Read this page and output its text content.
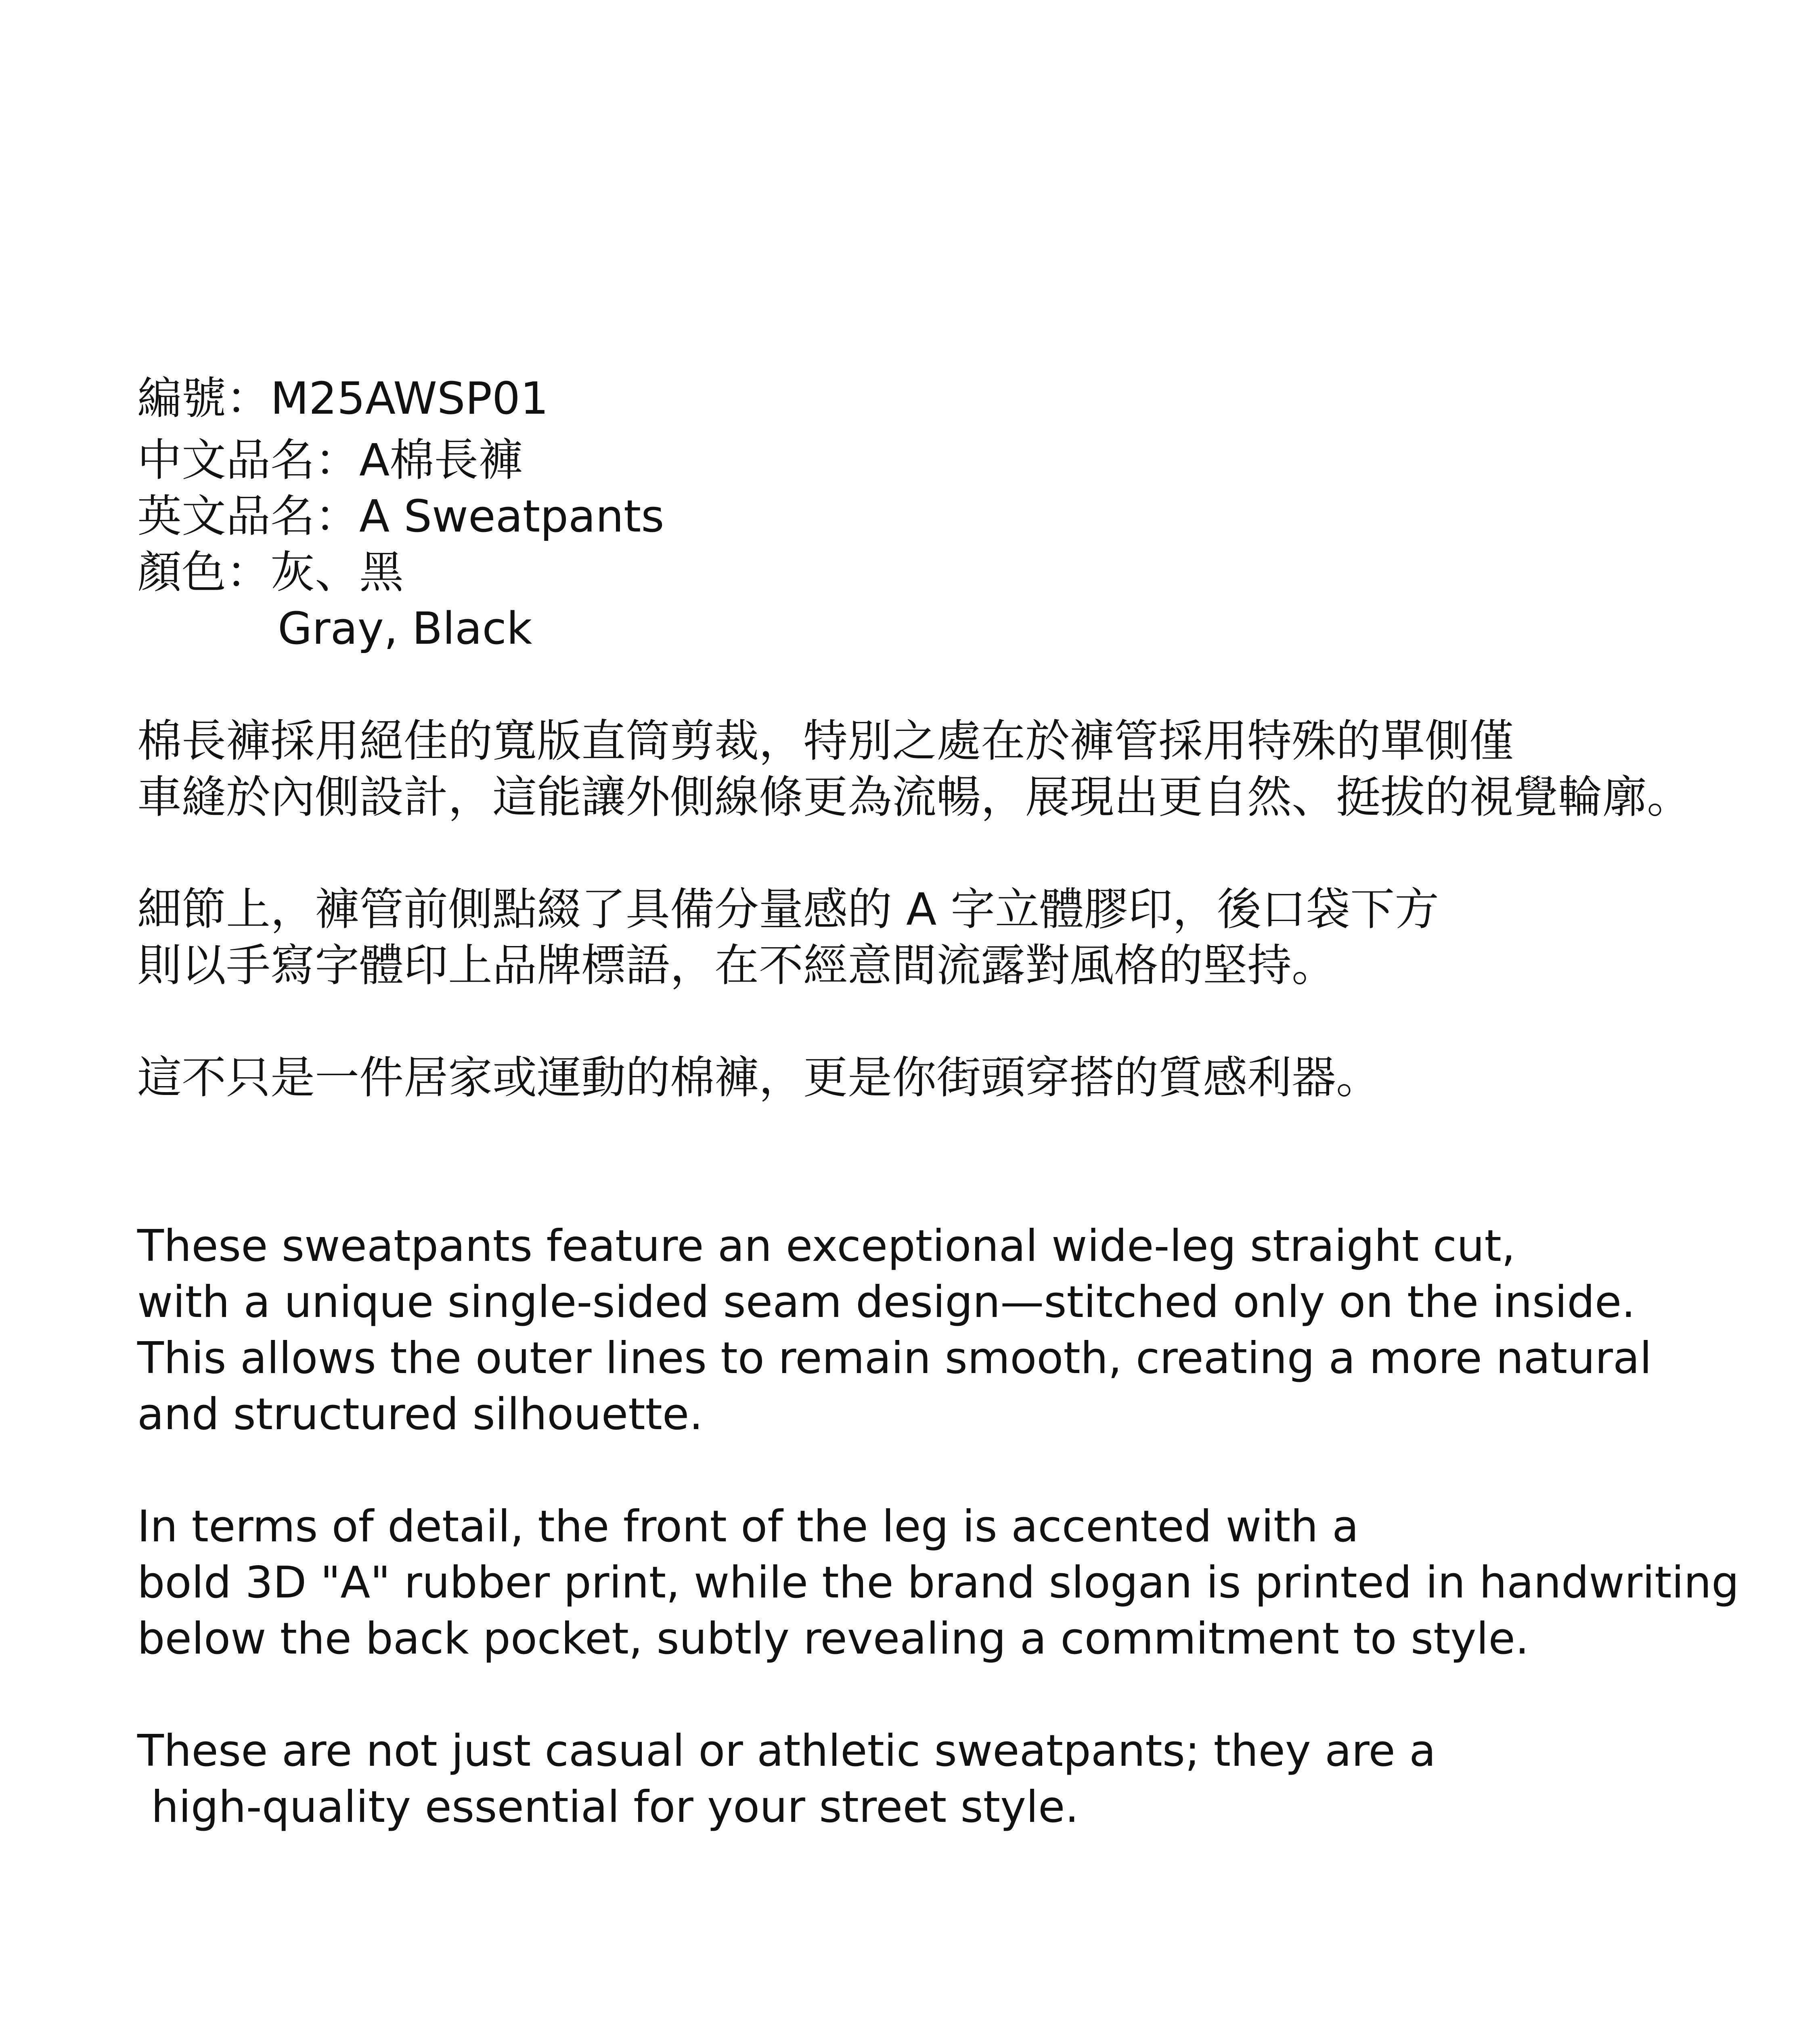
編號：M25AWSP01
中文品名：A棉長褲
英文品名：A Sweatpants
顏色：灰、黑
Gray, Black
棉長褲採用絕佳的寬版直筒剪裁，特別之處在於褲管採用特殊的單側僅
車縫於內側設計，這能讓外側線條更為流暢，展現出更自然、挺拔的視覺輪廓。
細節上，褲管前側點綴了具備分量感的 A 字立體膠印，後口袋下方
則以手寫字體印上品牌標語，在不經意間流露對風格的堅持。
這不只是一件居家或運動的棉褲，更是你街頭穿搭的質感利器。
These sweatpants feature an exceptional wide-leg straight cut,
with a unique single-sided seam design—stitched only on the inside.
This allows the outer lines to remain smooth, creating a more natural
and structured silhouette.
In terms of detail, the front of the leg is accented with a
bold 3D "A" rubber print, while the brand slogan is printed in handwriting
below the back pocket, subtly revealing a commitment to style.
These are not just casual or athletic sweatpants; they are a
high-quality essential for your street style.
